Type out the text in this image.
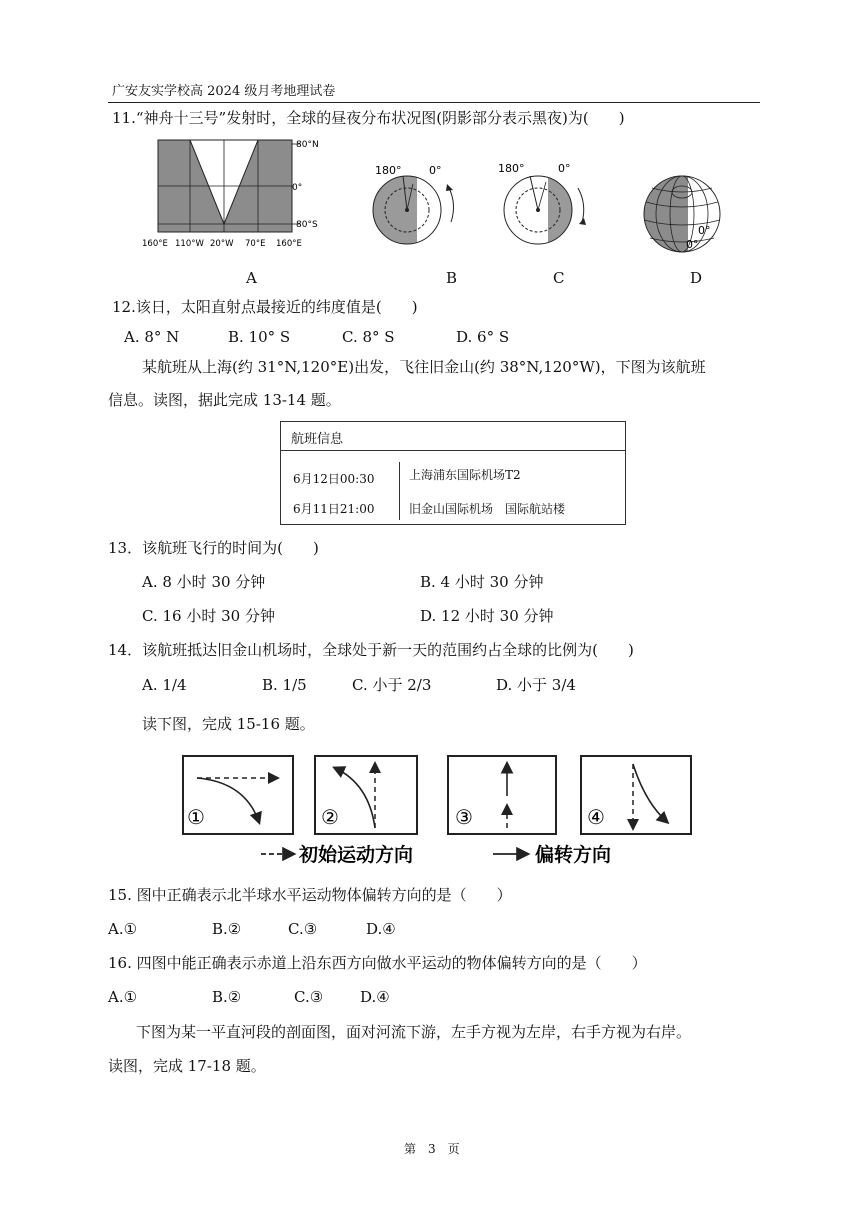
广安友实学校高 2024 级月考地理试卷
11.“神舟十三号”发射时，全球的昼夜分布状况图(阴影部分表示黑夜)为(　　)
80°N
0°
80°S
160°E 110°W 20°W 70°E 160°E
180°	0°	180°	0°
0°
0°
A	B	C	D
12.该日，太阳直射点最接近的纬度值是(　　)
A. 8° N	B. 10° S	C. 8° S	D. 6° S
某航班从上海(约 31°N,120°E)出发，飞往旧金山(约 38°N,120°W)，下图为该航班
信息。读图，据此完成 13-14 题。
航班信息
6月12日00:30	上海浦东国际机场T2
6月11日21:00	旧金山国际机场　国际航站楼
13．该航班飞行的时间为(　　)
A. 8 小时 30 分钟	B. 4 小时 30 分钟
C. 16 小时 30 分钟	D. 12 小时 30 分钟
14．该航班抵达旧金山机场时，全球处于新一天的范围约占全球的比例为(　　)
A. 1/4	B. 1/5	C. 小于 2/3	D. 小于 3/4
读下图，完成 15-16 题。
①	②	③	④
初始运动方向	偏转方向
15. 图中正确表示北半球水平运动物体偏转方向的是（　　）
A.①	B.②	C.③	D.④
16. 四图中能正确表示赤道上沿东西方向做水平运动的物体偏转方向的是（　　）
A.①	B.②	C.③ D.④
下图为某一平直河段的剖面图，面对河流下游，左手方视为左岸，右手方视为右岸。
读图，完成 17-18 题。
第　3　页
